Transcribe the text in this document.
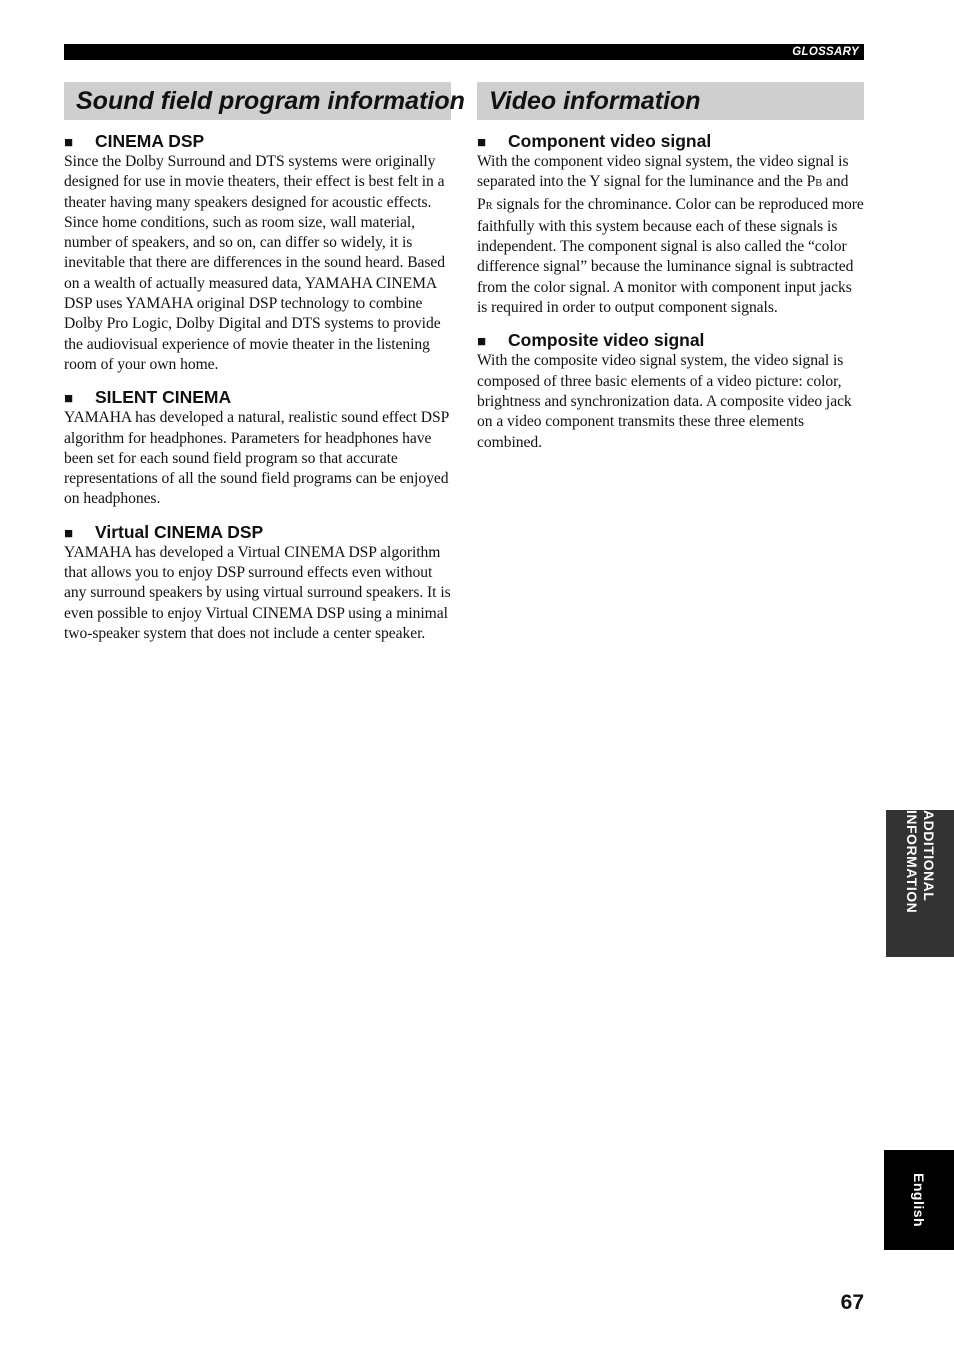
GLOSSARY
Sound field program information
■ CINEMA DSP

Since the Dolby Surround and DTS systems were originally designed for use in movie theaters, their effect is best felt in a theater having many speakers designed for acoustic effects. Since home conditions, such as room size, wall material, number of speakers, and so on, can differ so widely, it is inevitable that there are differences in the sound heard. Based on a wealth of actually measured data, YAMAHA CINEMA DSP uses YAMAHA original DSP technology to combine Dolby Pro Logic, Dolby Digital and DTS systems to provide the audiovisual experience of movie theater in the listening room of your own home.

■ SILENT CINEMA

YAMAHA has developed a natural, realistic sound effect DSP algorithm for headphones. Parameters for headphones have been set for each sound field program so that accurate representations of all the sound field programs can be enjoyed on headphones.

■ Virtual CINEMA DSP

YAMAHA has developed a Virtual CINEMA DSP algorithm that allows you to enjoy DSP surround effects even without any surround speakers by using virtual surround speakers. It is even possible to enjoy Virtual CINEMA DSP using a minimal two-speaker system that does not include a center speaker.

Video information
■ Component video signal

With the component video signal system, the video signal is separated into the Y signal for the luminance and the PB and PR signals for the chrominance. Color can be reproduced more faithfully with this system because each of these signals is independent. The component signal is also called the “color difference signal” because the luminance signal is subtracted from the color signal. A monitor with component input jacks is required in order to output component signals.

■ Composite video signal

With the composite video signal system, the video signal is composed of three basic elements of a video picture: color, brightness and synchronization data. A composite video jack on a video component transmits these three elements combined.

ADDITIONAL INFORMATION
English
67
